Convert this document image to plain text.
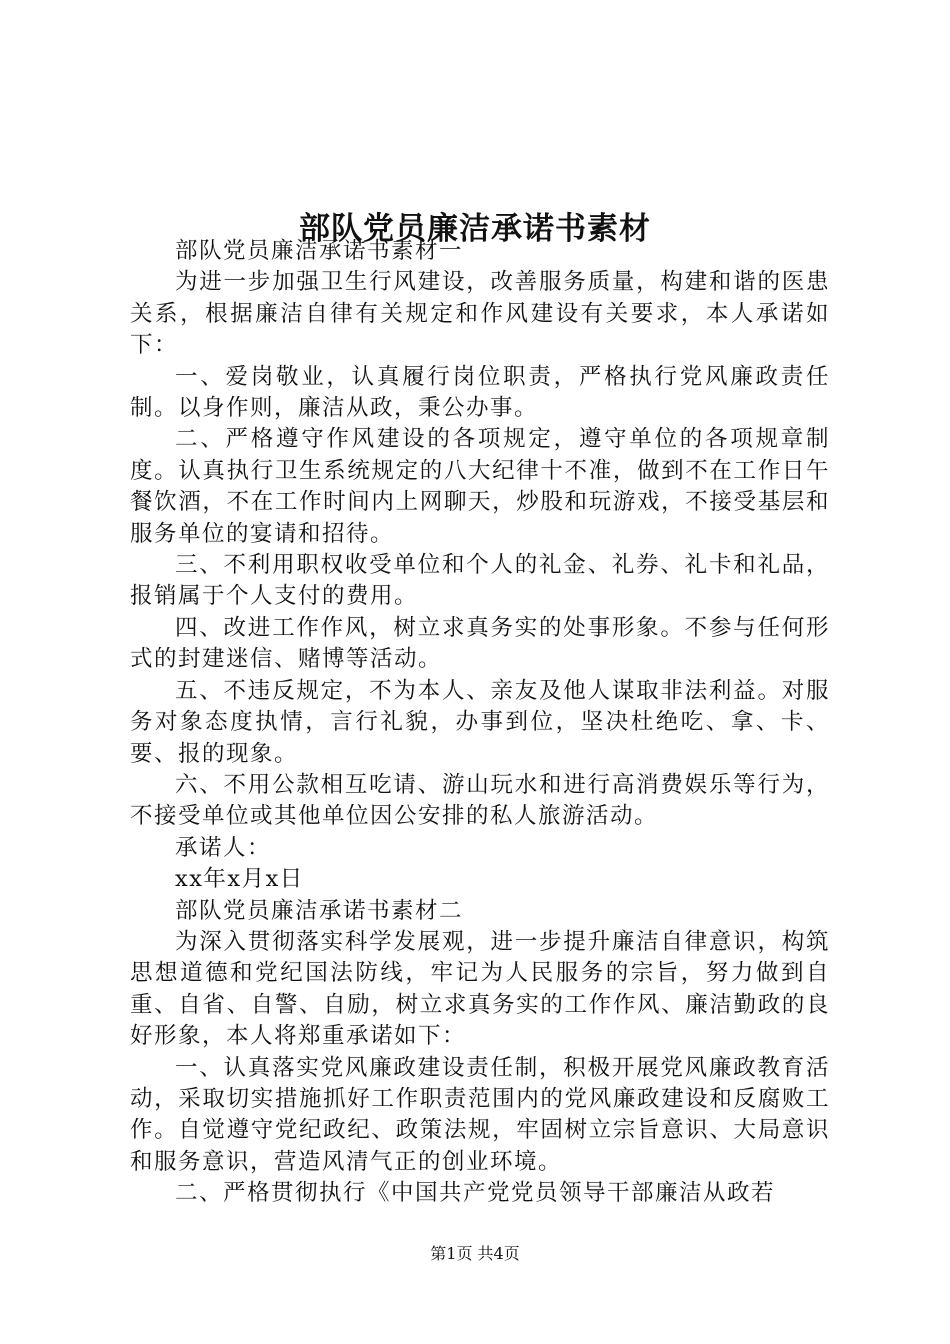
部队党员廉洁承诺书素材

部队党员廉洁承诺书素材一

为进一步加强卫生行风建设，改善服务质量，构建和谐的医患关系，根据廉洁自律有关规定和作风建设有关要求，本人承诺如下：

一、爱岗敬业，认真履行岗位职责，严格执行党风廉政责任制。以身作则，廉洁从政，秉公办事。

二、严格遵守作风建设的各项规定，遵守单位的各项规章制度。认真执行卫生系统规定的八大纪律十不准，做到不在工作日午餐饮酒，不在工作时间内上网聊天，炒股和玩游戏，不接受基层和服务单位的宴请和招待。

三、不利用职权收受单位和个人的礼金、礼券、礼卡和礼品，报销属于个人支付的费用。

四、改进工作作风，树立求真务实的处事形象。不参与任何形式的封建迷信、赌博等活动。

五、不违反规定，不为本人、亲友及他人谋取非法利益。对服务对象态度执情，言行礼貌，办事到位，坚决杜绝吃、拿、卡、要、报的现象。

六、不用公款相互吃请、游山玩水和进行高消费娱乐等行为，不接受单位或其他单位因公安排的私人旅游活动。

承诺人：

xx年x月x日

部队党员廉洁承诺书素材二

为深入贯彻落实科学发展观，进一步提升廉洁自律意识，构筑思想道德和党纪国法防线，牢记为人民服务的宗旨，努力做到自重、自省、自警、自励，树立求真务实的工作作风、廉洁勤政的良好形象，本人将郑重承诺如下：

一、认真落实党风廉政建设责任制，积极开展党风廉政教育活动，采取切实措施抓好工作职责范围内的党风廉政建设和反腐败工作。自觉遵守党纪政纪、政策法规，牢固树立宗旨意识、大局意识和服务意识，营造风清气正的创业环境。

二、严格贯彻执行《中国共产党党员领导干部廉洁从政若

第1页 共4页
